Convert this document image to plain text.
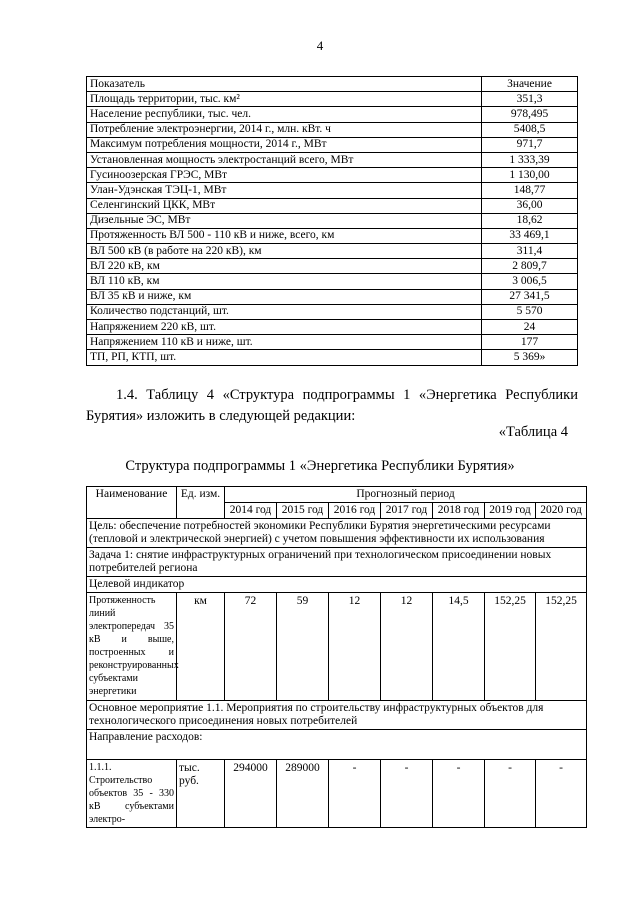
4
Показатель	Значение
Площадь территории, тыс. км²	351,3
Население республики, тыс. чел.	978,495
Потребление электроэнергии, 2014 г., млн. кВт. ч	5408,5
Максимум потребления мощности, 2014 г., МВт	971,7
Установленная мощность электростанций всего, МВт	1 333,39
Гусиноозерская ГРЭС, МВт	1 130,00
Улан-Удэнская ТЭЦ-1, МВт	148,77
Селенгинский ЦКК, МВт	36,00
Дизельные ЭС, МВт	18,62
Протяженность ВЛ 500 - 110 кВ и ниже, всего, км	33 469,1
ВЛ 500 кВ (в работе на 220 кВ), км	311,4
ВЛ 220 кВ, км	2 809,7
ВЛ 110 кВ, км	3 006,5
ВЛ 35 кВ и ниже, км	27 341,5
Количество подстанций, шт.	5 570
Напряжением 220 кВ, шт.	24
Напряжением 110 кВ и ниже, шт.	177
ТП, РП, КТП, шт.	5 369»
1.4. Таблицу 4 «Структура подпрограммы 1 «Энергетика Республики Бурятия» изложить в следующей редакции:
«Таблица 4
Структура подпрограммы 1 «Энергетика Республики Бурятия»
Наименование	Ед. изм.	Прогнозный период						
		2014 год	2015 год	2016 год	2017 год	2018 год	2019 год	2020 год
Цель: обеспечение потребностей экономики Республики Бурятия энергетическими ресурсами (тепловой и электрической энергией) с учетом повышения эффективности их использования								
Задача 1: снятие инфраструктурных ограничений при технологическом присоединении новых потребителей региона								
Целевой индикатор								
Протяженность линий электропередач 35 кВ и выше, построенных и реконструированных субъектами энергетики	км	72	59	12	12	14,5	152,25	152,25
Основное мероприятие 1.1. Мероприятия по строительству инфраструктурных объектов для технологического присоединения новых потребителей								
Направление расходов:								
1.1.1. Строительство объектов 35 - 330 кВ субъектами электро-	тыс. руб.	294000	289000	-	-	-	-	-
